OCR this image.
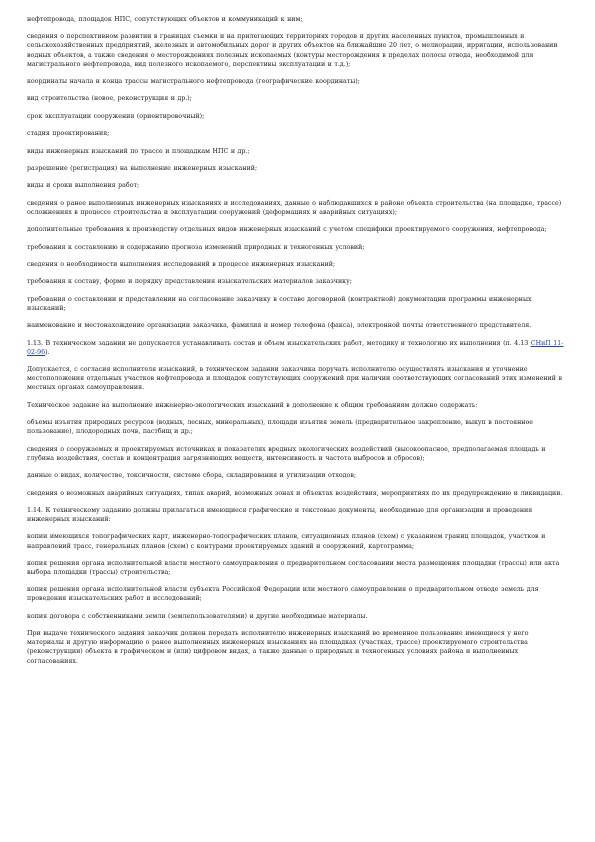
нефтепровода, площадок НПС, сопутствующих объектов и коммуникаций к ним;

сведения о перспективном развитии в границах съемки и на прилегающих территориях городов и других населенных пунктов, промышленных и сельскохозяйственных предприятий, железных и автомобильных дорог и других объектов на ближайшие 20 лет, о мелиорации, ирригации, использовании водных объектов, а также сведения о месторождениях полезных ископаемых (контуры месторождения в пределах полосы отвода, необходимой для магистрального нефтепровода, вид полезного ископаемого, перспективы эксплуатации и т.д.);

координаты начала и конца трассы магистрального нефтепровода (географические координаты);

вид строительства (новое, реконструкция и др.);

срок эксплуатации сооружения (ориентировочный);

стадия проектирования;

виды инженерных изысканий по трассе и площадкам НПС и др.;

разрешение (регистрация) на выполнение инженерных изысканий;

виды и сроки выполнения работ;

сведения о ранее выполненных инженерных изысканиях и исследованиях, данные о наблюдавшихся в районе объекта строительства (на площадке, трассе) осложнениях в процессе строительства и эксплуатации сооружений (деформациях и аварийных ситуациях);

дополнительные требования к производству отдельных видов инженерных изысканий с учетом специфики проектируемого сооружения, нефтепровода;

требования к составлению и содержанию прогноза изменений природных и техногенных условий;

сведения о необходимости выполнения исследований в процессе инженерных изысканий;

требования к составу, форме и порядку представления изыскательских материалов заказчику;

требования о составлении и представлении на согласование заказчику в составе договорной (контрактной) документации программы инженерных изысканий;

наименование и местонахождение организации заказчика, фамилия и номер телефона (факса), электронной почты ответственного представителя.

1.13. В техническом задании не допускается устанавливать состав и объем изыскательских работ, методику и технологию их выполнения (п. 4.13 СНиП 11-02-96).

Допускается, с согласия исполнителя изысканий, в техническом задании заказчика поручать исполнителю осуществлять изыскания и уточнение местоположения отдельных участков нефтепровода и площадок сопутствующих сооружений при наличии соответствующих согласований этих изменений в местных органах самоуправления.

Техническое задание на выполнение инженерно-экологических изысканий в дополнение к общим требованиям должно содержать:

объемы изъятия природных ресурсов (водных, лесных, минеральных), площади изъятия земель (предварительное закрепление, выкуп в постоянное пользование), плодородных почв, пастбищ и др.;

сведения о сооружаемых и проектируемых источниках и показателях вредных экологических воздействий (высокоопасное, предполагаемая площадь и глубина воздействия, состав и концентрация загрязняющих веществ, интенсивность и частота выбросов и сбросов);

данные о видах, количестве, токсичности, системе сбора, складирования и утилизации отходов;

сведения о возможных аварийных ситуациях, типах аварий, возможных зонах и объектах воздействия, мероприятиях по их предупреждению и ликвидации.

1.14. К техническому заданию должны прилагаться имеющиеся графические и текстовые документы, необходимые для организации и проведения инженерных изысканий:

копии имеющихся топографических карт, инженерно-топографических планов, ситуационных планов (схем) с указанием границ площадок, участков и направлений трасс, генеральных планов (схем) с контурами проектируемых зданий и сооружений, картограмма;

копия решения органа исполнительной власти местного самоуправления о предварительном согласовании места размещения площадки (трассы) или акта выбора площадки (трассы) строительства;

копия решения органа исполнительной власти субъекта Российской Федерации или местного самоуправления о предварительном отводе земель для проведения изыскательских работ и исследований;

копия договора с собственниками земли (землепользователями) и другие необходимые материалы.

При выдаче технического задания заказчик должен передать исполнителю инженерных изысканий во временное пользование имеющиеся у него материалы и другую информацию о ранее выполненных инженерных изысканиях на площадках (участках, трассе) проектируемого строительства (реконструкции) объекта в графическом и (или) цифровом видах, а также данные о природных и техногенных условиях района и выполненных согласованиях.
